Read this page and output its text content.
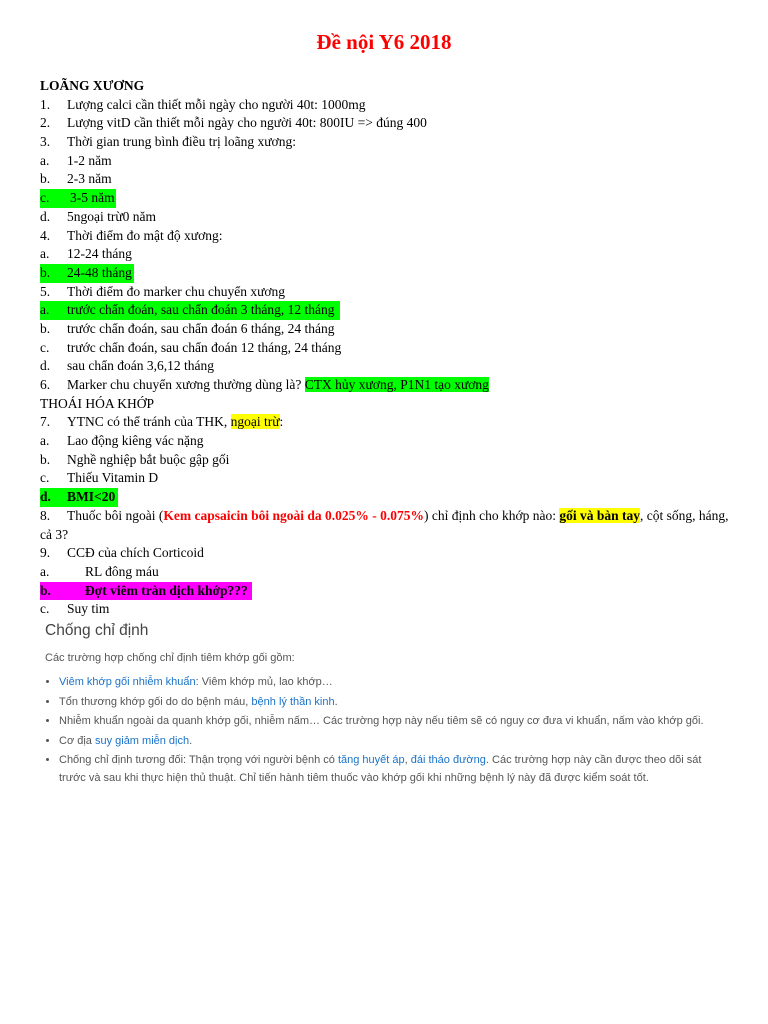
Đề nội Y6 2018
LOÃNG XƯƠNG
1. Lượng calci cần thiết mỗi ngày cho người 40t: 1000mg
2. Lượng vitD cần thiết mỗi ngày cho người 40t: 800IU => đúng 400
3. Thời gian trung bình điều trị loãng xương:
a. 1-2 năm
b. 2-3 năm
c. 3-5 năm
d. 5ngoại trừ0 năm
4. Thời điểm đo mật độ xương:
a. 12-24 tháng
b. 24-48 tháng
5. Thời điểm đo marker chu chuyển xương
a. trước chẩn đoán, sau chẩn đoán 3 tháng, 12 tháng
b. trước chẩn đoán, sau chẩn đoán 6 tháng, 24 tháng
c. trước chẩn đoán, sau chẩn đoán 12 tháng, 24 tháng
d. sau chẩn đoán 3,6,12 tháng
6. Marker chu chuyển xương thường dùng là? CTX hủy xương, P1N1 tạo xương
THOÁI HÓA KHỚP
7. YTNC có thể tránh của THK, ngoại trừ:
a. Lao động kiêng vác nặng
b. Nghề nghiệp bắt buộc gập gối
c. Thiếu Vitamin D
d. BMI<20
8. Thuốc bôi ngoài (Kem capsaicin bôi ngoài da 0.025% - 0.075%) chỉ định cho khớp nào: gối và bàn tay, cột sống, háng, cả 3?
9. CCĐ của chích Corticoid
a.	RL đông máu
b.	Đợt viêm tràn dịch khớp???
c. Suy tim
Chống chỉ định

Các trường hợp chống chỉ định tiêm khớp gối gồm:

• Viêm khớp gối nhiễm khuẩn: Viêm khớp mủ, lao khớp…
• Tổn thương khớp gối do do bệnh máu, bệnh lý thần kinh.
• Nhiễm khuẩn ngoài da quanh khớp gối, nhiễm nấm… Các trường hợp này nếu tiêm sẽ có nguy cơ đưa vi khuẩn, nấm vào khớp gối.
• Cơ địa suy giảm miễn dịch.
• Chống chỉ định tương đối: Thận trọng với người bệnh có tăng huyết áp, đái tháo đường. Các trường hợp này cần được theo dõi sát trước và sau khi thực hiện thủ thuật. Chỉ tiến hành tiêm thuốc vào khớp gối khi những bệnh lý này đã được kiểm soát tốt.
